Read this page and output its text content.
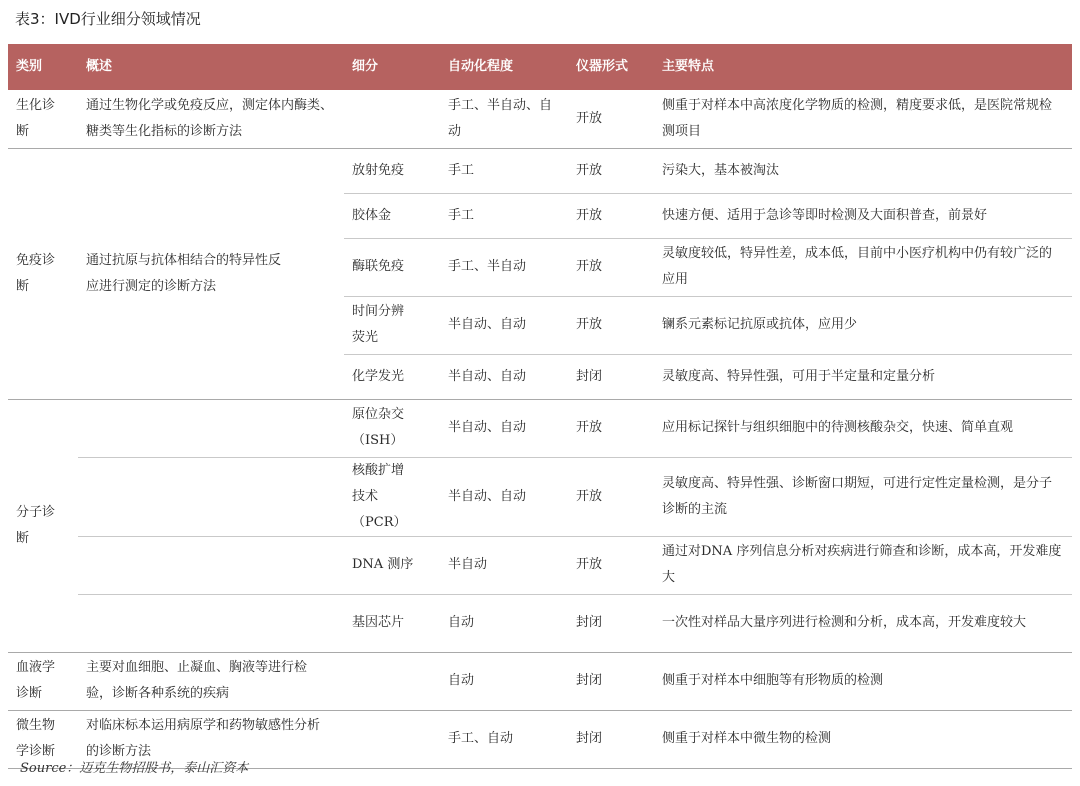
表3：IVD行业细分领域情况
类别	概述	细分	自动化程度	仪器形式	主要特点

生化诊断	通过生物化学或免疫反应，测定体内酶类、糖类等生化指标的诊断方法		手工、半自动、自动	开放	侧重于对样本中高浓度化学物质的检测，精度要求低，是医院常规检测项目

免疫诊断	通过抗原与抗体相结合的特异性反应进行测定的诊断方法	放射免疫	手工	开放	污染大，基本被淘汰
		胶体金	手工	开放	快速方便、适用于急诊等即时检测及大面积普查，前景好
		酶联免疫	手工、半自动	开放	灵敏度较低，特异性差，成本低，目前中小医疗机构中仍有较广泛的应用

		时间分辨荧光	半自动、自动	开放	镧系元素标记抗原或抗体，应用少
		化学发光	半自动、自动	封闭	灵敏度高、特异性强，可用于半定量和定量分析

分子诊断		原位杂交（ISH）	半自动、自动	开放	应用标记探针与组织细胞中的待测核酸杂交，快速、简单直观

		核酸扩增技术（PCR）	半自动、自动	开放	灵敏度高、特异性强、诊断窗口期短，可进行定性定量检测，是分子诊断的主流
		DNA 测序	半自动	开放	通过对DNA 序列信息分析对疾病进行筛查和诊断，成本高，开发难度大
		基因芯片	自动	封闭	一次性对样品大量序列进行检测和分析，成本高，开发难度较大

血液学诊断	主要对血细胞、止凝血、胸液等进行检验，诊断各种系统的疾病		自动	封闭	侧重于对样本中细胞等有形物质的检测

微生物学诊断	对临床标本运用病原学和药物敏感性分析的诊断方法		手工、自动	封闭	侧重于对样本中微生物的检测
Source：迈克生物招股书，泰山汇资本
